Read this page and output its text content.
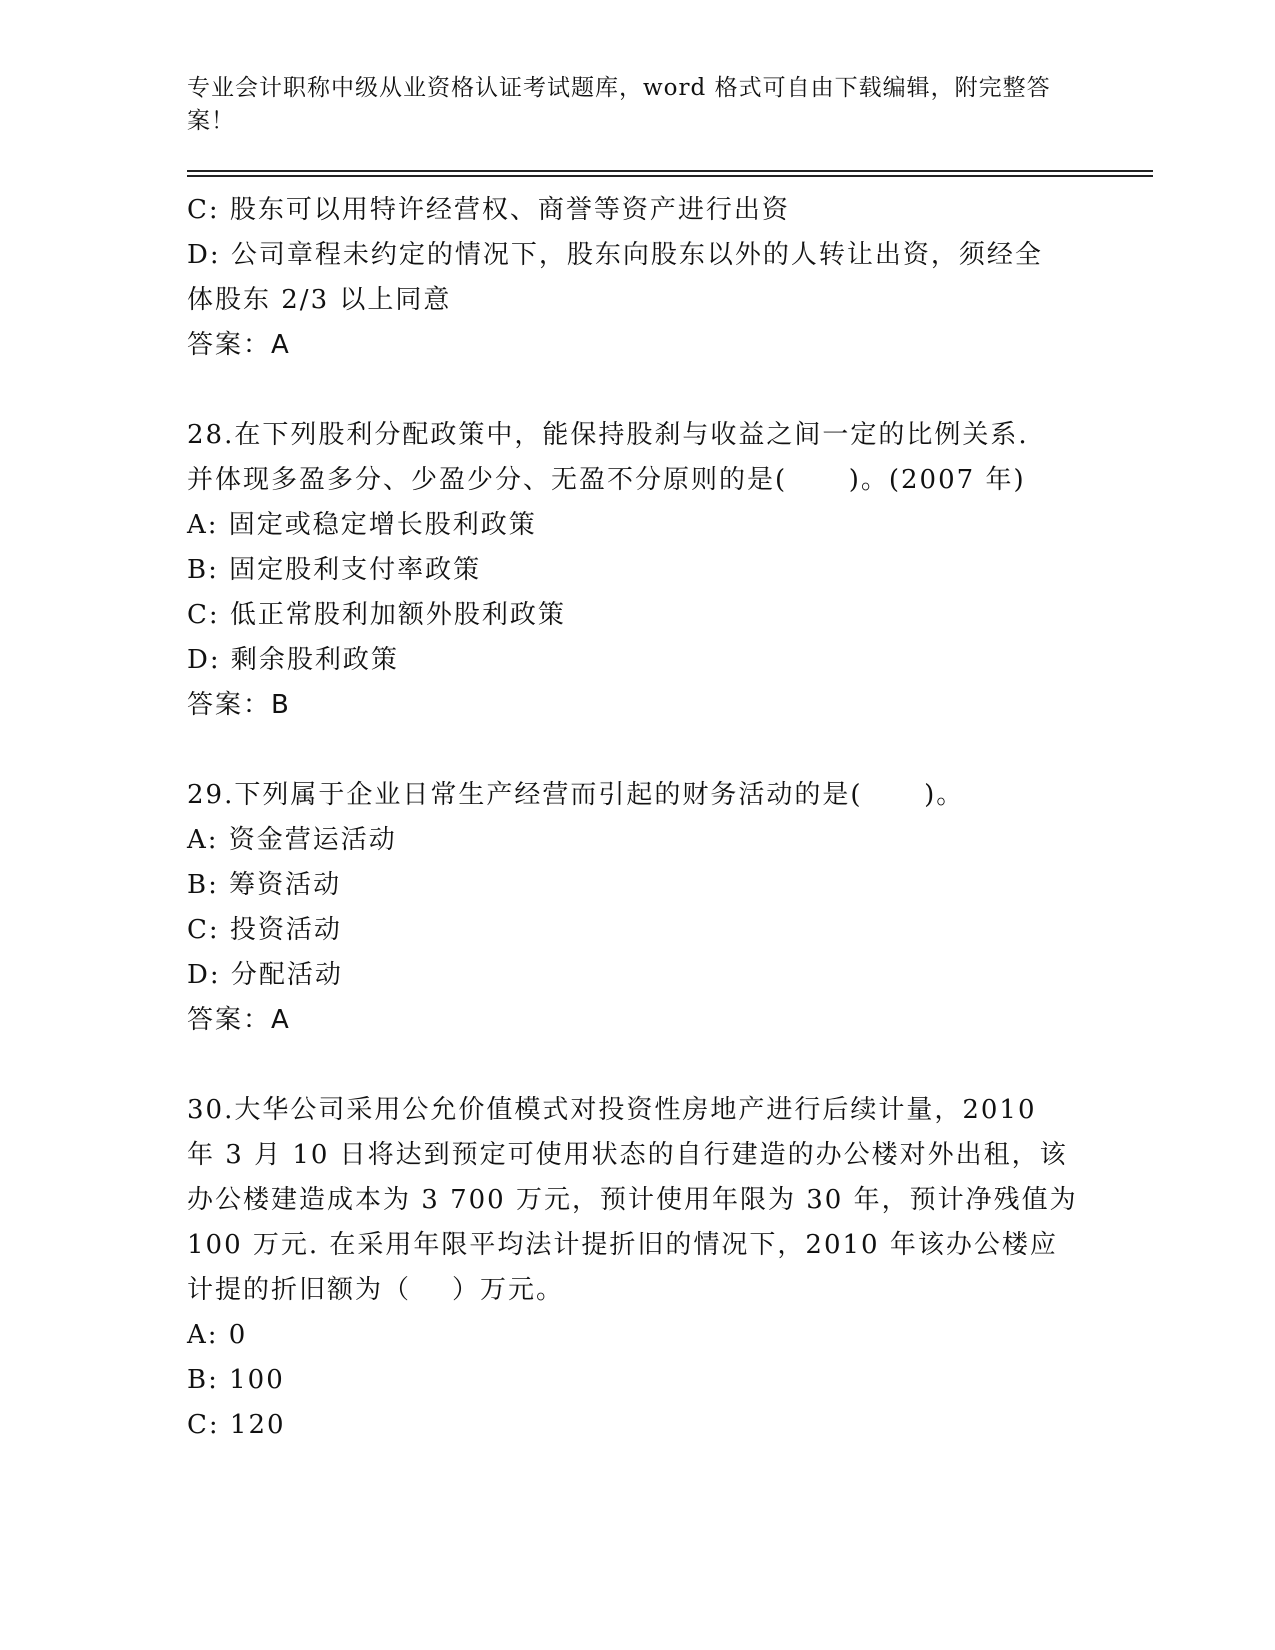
专业会计职称中级从业资格认证考试题库，word 格式可自由下载编辑，附完整答案！

C: 股东可以用特许经营权、商誉等资产进行出资

D: 公司章程未约定的情况下，股东向股东以外的人转让出资，须经全体股东 2/3 以上同意

答案：A

28.在下列股利分配政策中，能保持股刹与收益之间一定的比例关系.

并体现多盈多分、少盈少分、无盈不分原则的是(      )。(2007 年)

A: 固定或稳定增长股利政策

B: 固定股利支付率政策

C: 低正常股利加额外股利政策

D: 剩余股利政策

答案：B

29.下列属于企业日常生产经营而引起的财务活动的是(      )。

A: 资金营运活动

B: 筹资活动

C: 投资活动

D: 分配活动

答案：A

30.大华公司采用公允价值模式对投资性房地产进行后续计量，2010

年 3 月 10 日将达到预定可使用状态的自行建造的办公楼对外出租，该

办公楼建造成本为 3 700 万元，预计使用年限为 30 年，预计净残值为

100 万元. 在采用年限平均法计提折旧的情况下，2010 年该办公楼应

计提的折旧额为（    ）万元。

A: 0

B: 100

C: 120
